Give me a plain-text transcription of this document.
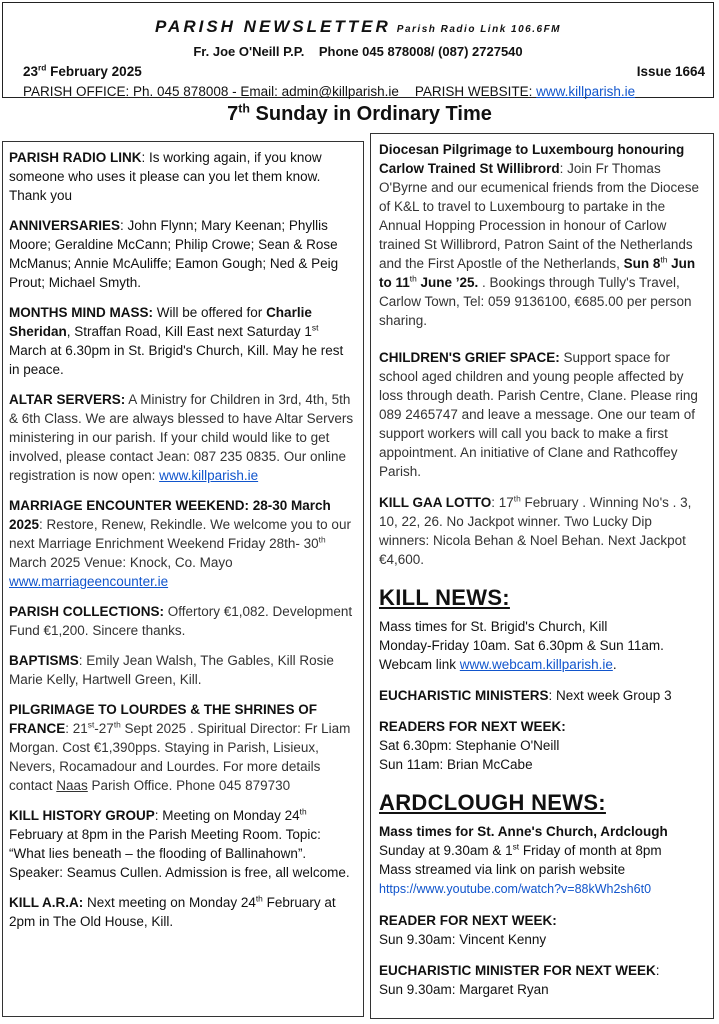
PARISH NEWSLETTER Parish Radio Link 106.6FM
Fr. Joe O'Neill P.P. Phone 045 878008/ (087) 2727540
23rd February 2025	Issue 1664
PARISH OFFICE: Ph. 045 878008 - Email: admin@killparish.ie PARISH WEBSITE: www.killparish.ie
7th Sunday in Ordinary Time

PARISH RADIO LINK: Is working again, if you know someone who uses it please can you let them know. Thank you

ANNIVERSARIES: John Flynn; Mary Keenan; Phyllis Moore; Geraldine McCann; Philip Crowe; Sean & Rose McManus; Annie McAuliffe; Eamon Gough; Ned & Peig Prout; Michael Smyth.

MONTHS MIND MASS: Will be offered for Charlie Sheridan, Straffan Road, Kill East next Saturday 1st March at 6.30pm in St. Brigid's Church, Kill. May he rest in peace.

ALTAR SERVERS: A Ministry for Children in 3rd, 4th, 5th & 6th Class. We are always blessed to have Altar Servers ministering in our parish. If your child would like to get involved, please contact Jean: 087 235 0835. Our online registration is now open: www.killparish.ie

MARRIAGE ENCOUNTER WEEKEND: 28-30 March 2025: Restore, Renew, Rekindle. We welcome you to our next Marriage Enrichment Weekend Friday 28th- 30th March 2025 Venue: Knock, Co. Mayo www.marriageencounter.ie

PARISH COLLECTIONS: Offertory €1,082. Development Fund €1,200. Sincere thanks.

BAPTISMS: Emily Jean Walsh, The Gables, Kill Rosie Marie Kelly, Hartwell Green, Kill.

PILGRIMAGE TO LOURDES & THE SHRINES OF FRANCE: 21st-27th Sept 2025 . Spiritual Director: Fr Liam Morgan. Cost €1,390pps. Staying in Parish, Lisieux, Nevers, Rocamadour and Lourdes. For more details contact Naas Parish Office. Phone 045 879730

KILL HISTORY GROUP: Meeting on Monday 24th February at 8pm in the Parish Meeting Room. Topic: “What lies beneath – the flooding of Ballinahown”. Speaker: Seamus Cullen. Admission is free, all welcome.

KILL A.R.A: Next meeting on Monday 24th February at 2pm in The Old House, Kill.

Diocesan Pilgrimage to Luxembourg honouring Carlow Trained St Willibrord: Join Fr Thomas O'Byrne and our ecumenical friends from the Diocese of K&L to travel to Luxembourg to partake in the Annual Hopping Procession in honour of Carlow trained St Willibrord, Patron Saint of the Netherlands and the First Apostle of the Netherlands, Sun 8th Jun to 11th June ’25. . Bookings through Tully's Travel, Carlow Town, Tel: 059 9136100, €685.00 per person sharing.

CHILDREN'S GRIEF SPACE: Support space for school aged children and young people affected by loss through death. Parish Centre, Clane. Please ring 089 2465747 and leave a message. One our team of support workers will call you back to make a first appointment. An initiative of Clane and Rathcoffey Parish.

KILL GAA LOTTO: 17th February . Winning No's . 3, 10, 22, 26. No Jackpot winner. Two Lucky Dip winners: Nicola Behan & Noel Behan. Next Jackpot €4,600.

KILL NEWS:

Mass times for St. Brigid's Church, Kill
Monday-Friday 10am. Sat 6.30pm & Sun 11am.
Webcam link www.webcam.killparish.ie.

EUCHARISTIC MINISTERS: Next week Group 3

READERS FOR NEXT WEEK:
Sat 6.30pm: Stephanie O'Neill
Sun 11am: Brian McCabe

ARDCLOUGH NEWS:

Mass times for St. Anne's Church, Ardclough
Sunday at 9.30am & 1st Friday of month at 8pm
Mass streamed via link on parish website
https://www.youtube.com/watch?v=88kWh2sh6t0

READER FOR NEXT WEEK:
Sun 9.30am: Vincent Kenny

EUCHARISTIC MINISTER FOR NEXT WEEK:
Sun 9.30am: Margaret Ryan
